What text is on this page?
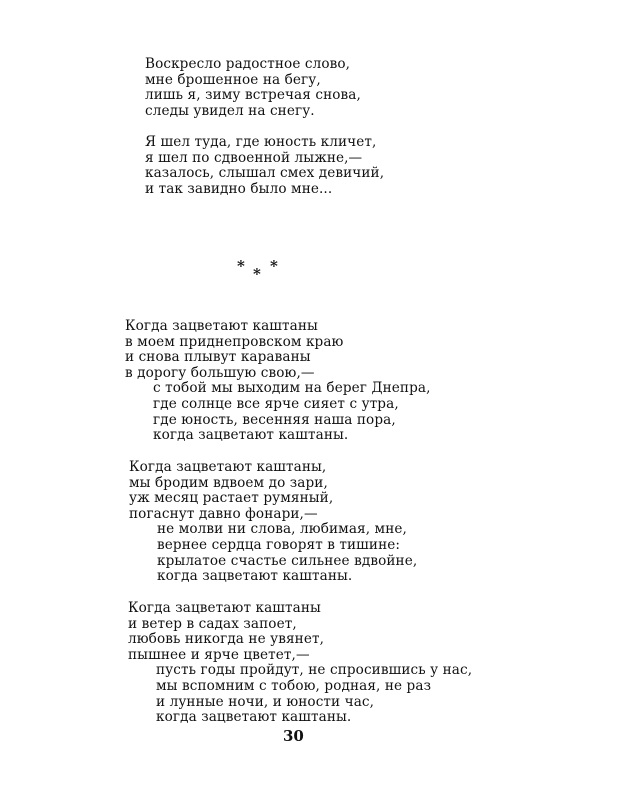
Воскресло радостное слово,
мне брошенное на бегу,
лишь я, зиму встречая снова,
следы увидел на снегу.
Я шел туда, где юность кличет,
я шел по сдвоенной лыжне,—
казалось, слышал смех девичий,
и так завидно было мне...
* * *
Когда зацветают каштаны
в моем приднепровском краю
и снова плывут караваны
в дорогу большую свою,—
с тобой мы выходим на берег Днепра,
где солнце все ярче сияет с утра,
где юность, весенняя наша пора,
когда зацветают каштаны.
Когда зацветают каштаны,
мы бродим вдвоем до зари,
уж месяц растает румяный,
погаснут давно фонари,—
не молви ни слова, любимая, мне,
вернее сердца говорят в тишине:
крылатое счастье сильнее вдвойне,
когда зацветают каштаны.
Когда зацветают каштаны
и ветер в садах запоет,
любовь никогда не увянет,
пышнее и ярче цветет,—
пусть годы пройдут, не спросившись у нас,
мы вспомним с тобою, родная, не раз
и лунные ночи, и юности час,
когда зацветают каштаны.
30
